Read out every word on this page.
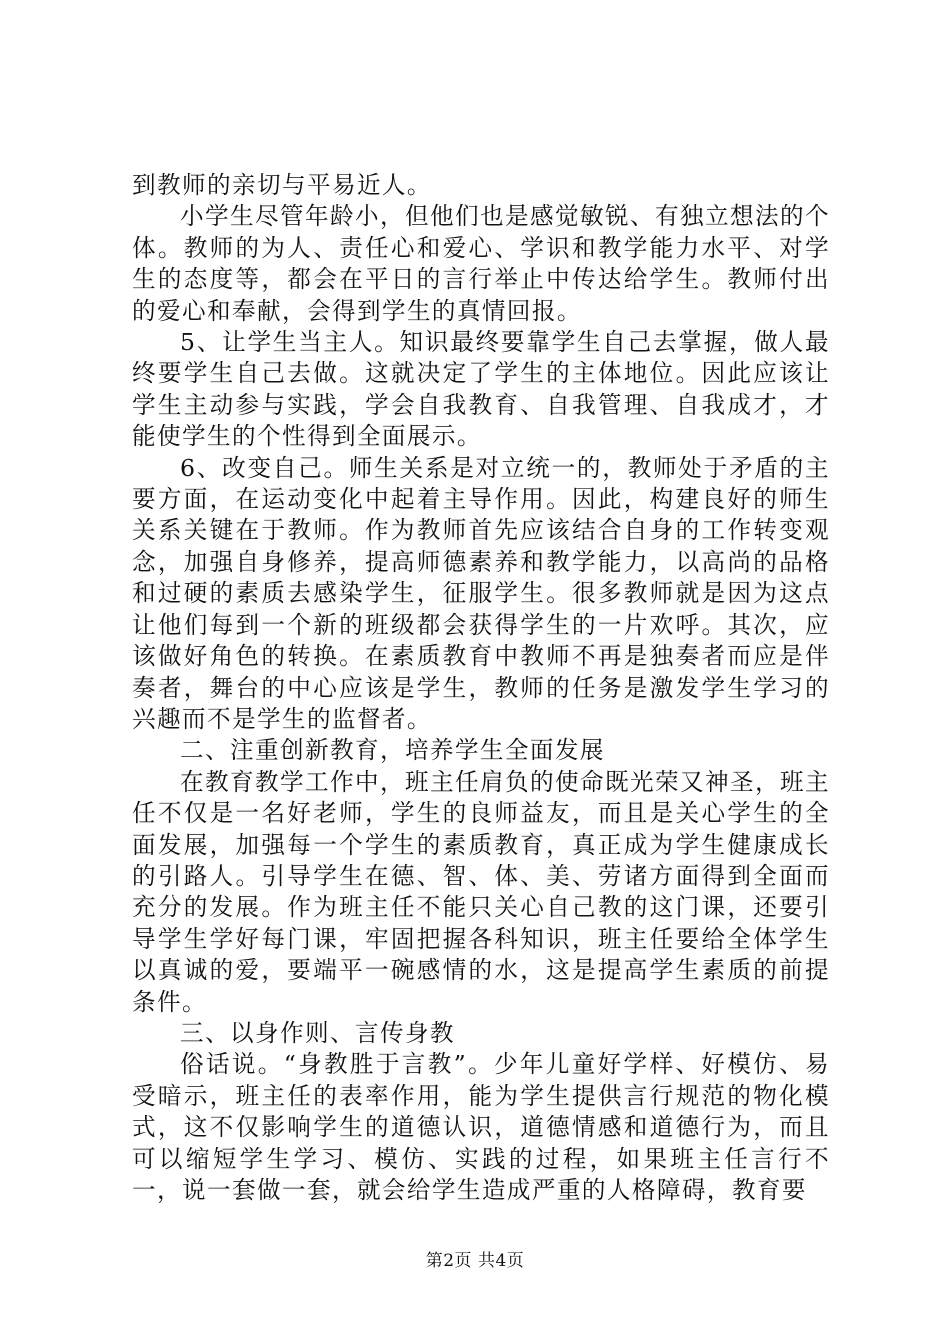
到教师的亲切与平易近人。

小学生尽管年龄小，但他们也是感觉敏锐、有独立想法的个体。教师的为人、责任心和爱心、学识和教学能力水平、对学生的态度等，都会在平日的言行举止中传达给学生。教师付出的爱心和奉献，会得到学生的真情回报。

5、让学生当主人。知识最终要靠学生自己去掌握，做人最终要学生自己去做。这就决定了学生的主体地位。因此应该让学生主动参与实践，学会自我教育、自我管理、自我成才，才能使学生的个性得到全面展示。

6、改变自己。师生关系是对立统一的，教师处于矛盾的主要方面，在运动变化中起着主导作用。因此，构建良好的师生关系关键在于教师。作为教师首先应该结合自身的工作转变观念，加强自身修养，提高师德素养和教学能力，以高尚的品格和过硬的素质去感染学生，征服学生。很多教师就是因为这点让他们每到一个新的班级都会获得学生的一片欢呼。其次，应该做好角色的转换。在素质教育中教师不再是独奏者而应是伴奏者，舞台的中心应该是学生，教师的任务是激发学生学习的兴趣而不是学生的监督者。

二、注重创新教育，培养学生全面发展

在教育教学工作中，班主任肩负的使命既光荣又神圣，班主任不仅是一名好老师，学生的良师益友，而且是关心学生的全面发展，加强每一个学生的素质教育，真正成为学生健康成长的引路人。引导学生在德、智、体、美、劳诸方面得到全面而充分的发展。作为班主任不能只关心自己教的这门课，还要引导学生学好每门课，牢固把握各科知识，班主任要给全体学生以真诚的爱，要端平一碗感情的水，这是提高学生素质的前提条件。

三、以身作则、言传身教

俗话说。“身教胜于言教”。少年儿童好学样、好模仿、易受暗示，班主任的表率作用，能为学生提供言行规范的物化模式，这不仅影响学生的道德认识，道德情感和道德行为，而且可以缩短学生学习、模仿、实践的过程，如果班主任言行不一，说一套做一套，就会给学生造成严重的人格障碍，教育要

第2页 共4页
